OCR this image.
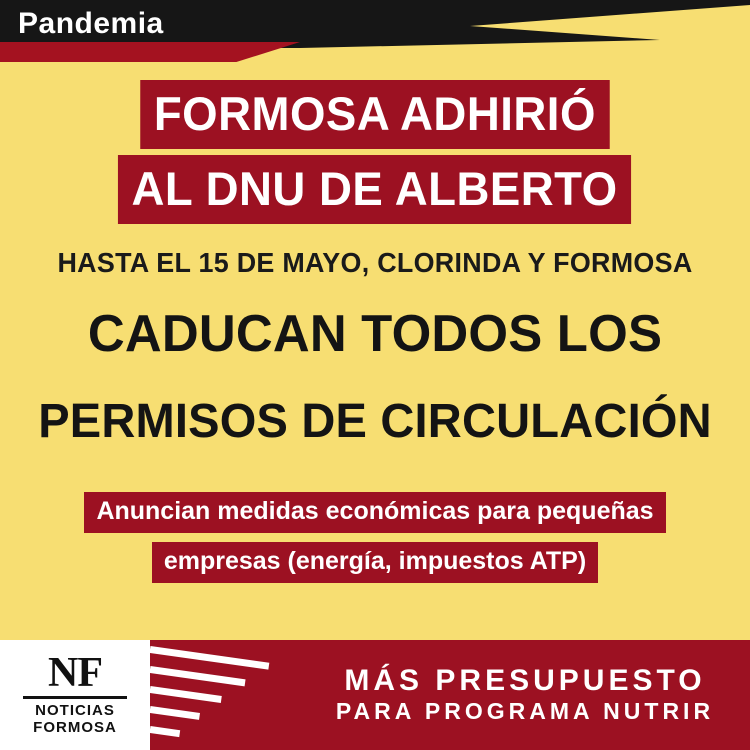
Pandemia
FORMOSA ADHIRIÓ
AL DNU DE ALBERTO
HASTA EL 15 DE MAYO, CLORINDA Y FORMOSA
CADUCAN TODOS LOS
PERMISOS DE CIRCULACIÓN
Anuncian medidas económicas para pequeñas
empresas (energía, impuestos ATP)
NF
NOTICIAS
FORMOSA
MÁS PRESUPUESTO
PARA PROGRAMA NUTRIR
